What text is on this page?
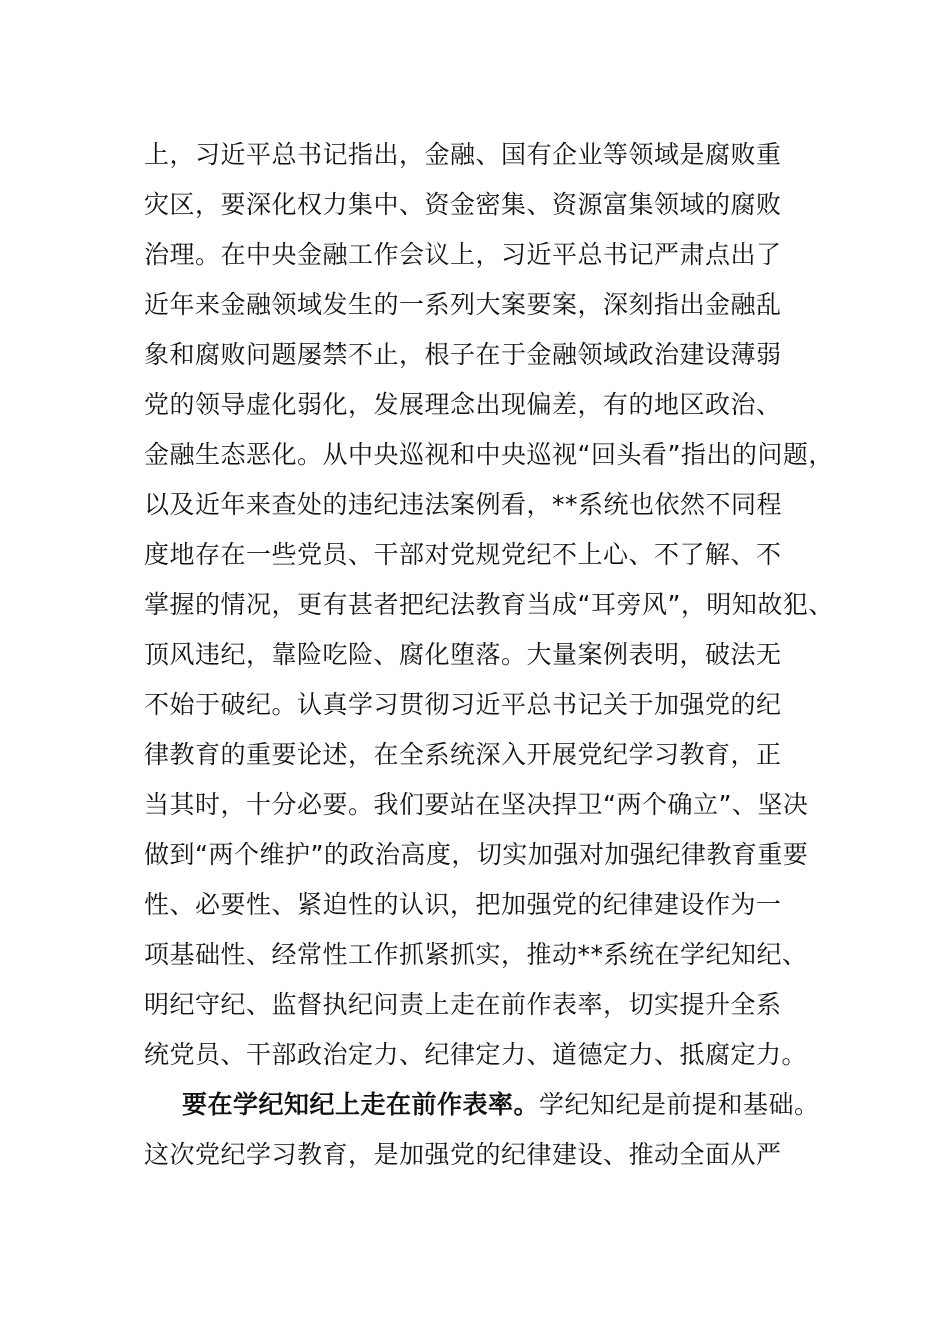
上，习近平总书记指出，金融、国有企业等领域是腐败重
灾区，要深化权力集中、资金密集、资源富集领域的腐败
治理。在中央金融工作会议上，习近平总书记严肃点出了
近年来金融领域发生的一系列大案要案，深刻指出金融乱
象和腐败问题屡禁不止，根子在于金融领域政治建设薄弱
党的领导虚化弱化，发展理念出现偏差，有的地区政治、
金融生态恶化。从中央巡视和中央巡视“回头看”指出的问题，
以及近年来查处的违纪违法案例看，**系统也依然不同程
度地存在一些党员、干部对党规党纪不上心、不了解、不
掌握的情况，更有甚者把纪法教育当成“耳旁风”，明知故犯、
顶风违纪，靠险吃险、腐化堕落。大量案例表明，破法无
不始于破纪。认真学习贯彻习近平总书记关于加强党的纪
律教育的重要论述，在全系统深入开展党纪学习教育，正
当其时，十分必要。我们要站在坚决捍卫“两个确立”、坚决
做到“两个维护”的政治高度，切实加强对加强纪律教育重要
性、必要性、紧迫性的认识，把加强党的纪律建设作为一
项基础性、经常性工作抓紧抓实，推动**系统在学纪知纪、
明纪守纪、监督执纪问责上走在前作表率，切实提升全系
统党员、干部政治定力、纪律定力、道德定力、抵腐定力。
要在学纪知纪上走在前作表率。学纪知纪是前提和基础。
这次党纪学习教育，是加强党的纪律建设、推动全面从严
